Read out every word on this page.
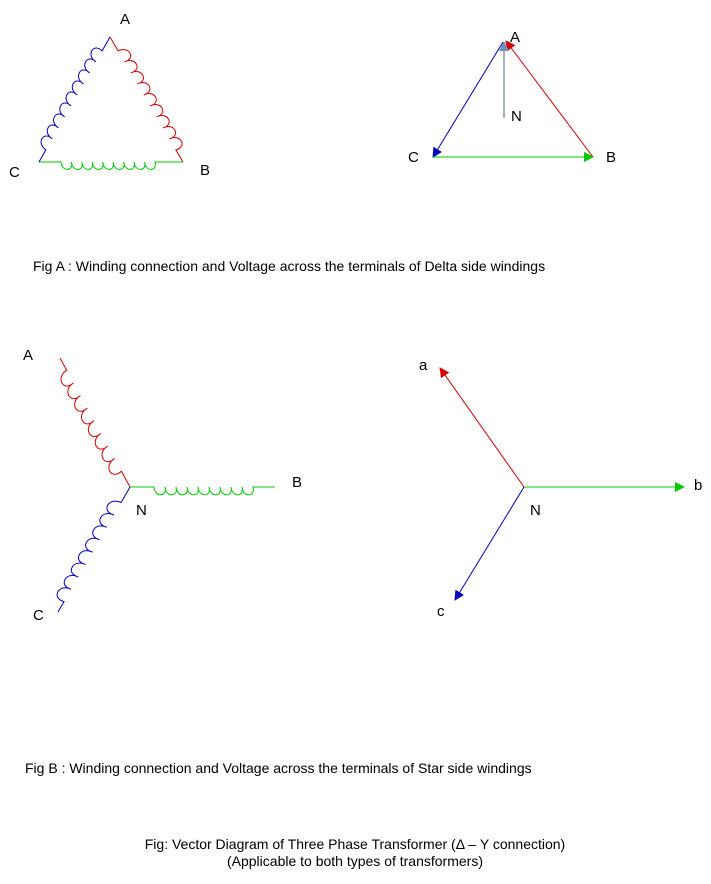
A
B
C
A
N
B
C
Fig A : Winding connection and Voltage across the terminals of Delta side windings
A
B
C
N
a
b
c
N
Fig B : Winding connection and Voltage across the terminals of Star side windings
Fig: Vector Diagram of Three Phase Transformer (Δ – Y connection)
(Applicable to both types of transformers)
